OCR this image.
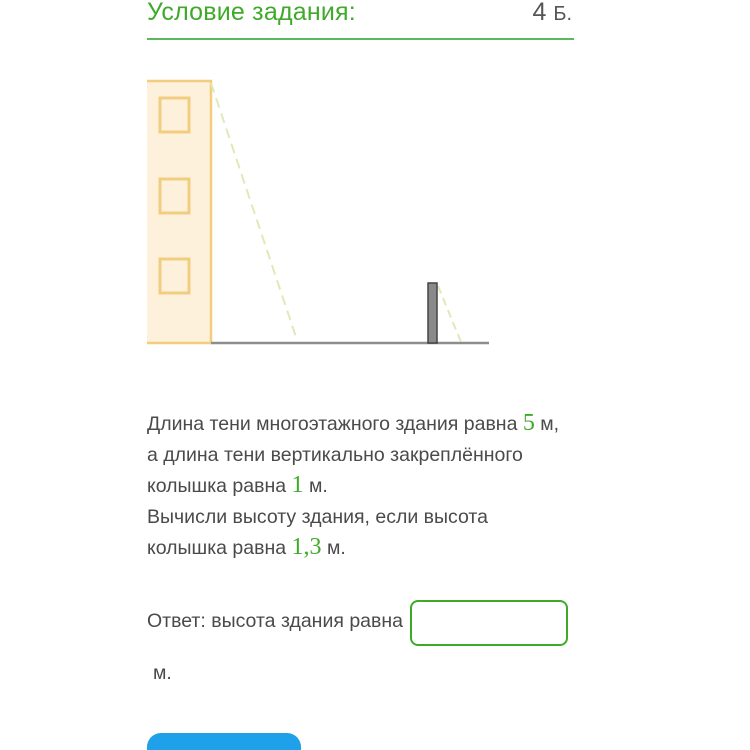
Условие задания:	4 Б.
Длина тени многоэтажного здания равна 5 м,
а длина тени вертикально закреплённого
колышка равна 1 м.
Вычисли высоту здания, если высота
колышка равна 1,3 м.
Ответ: высота здания равна
м.
